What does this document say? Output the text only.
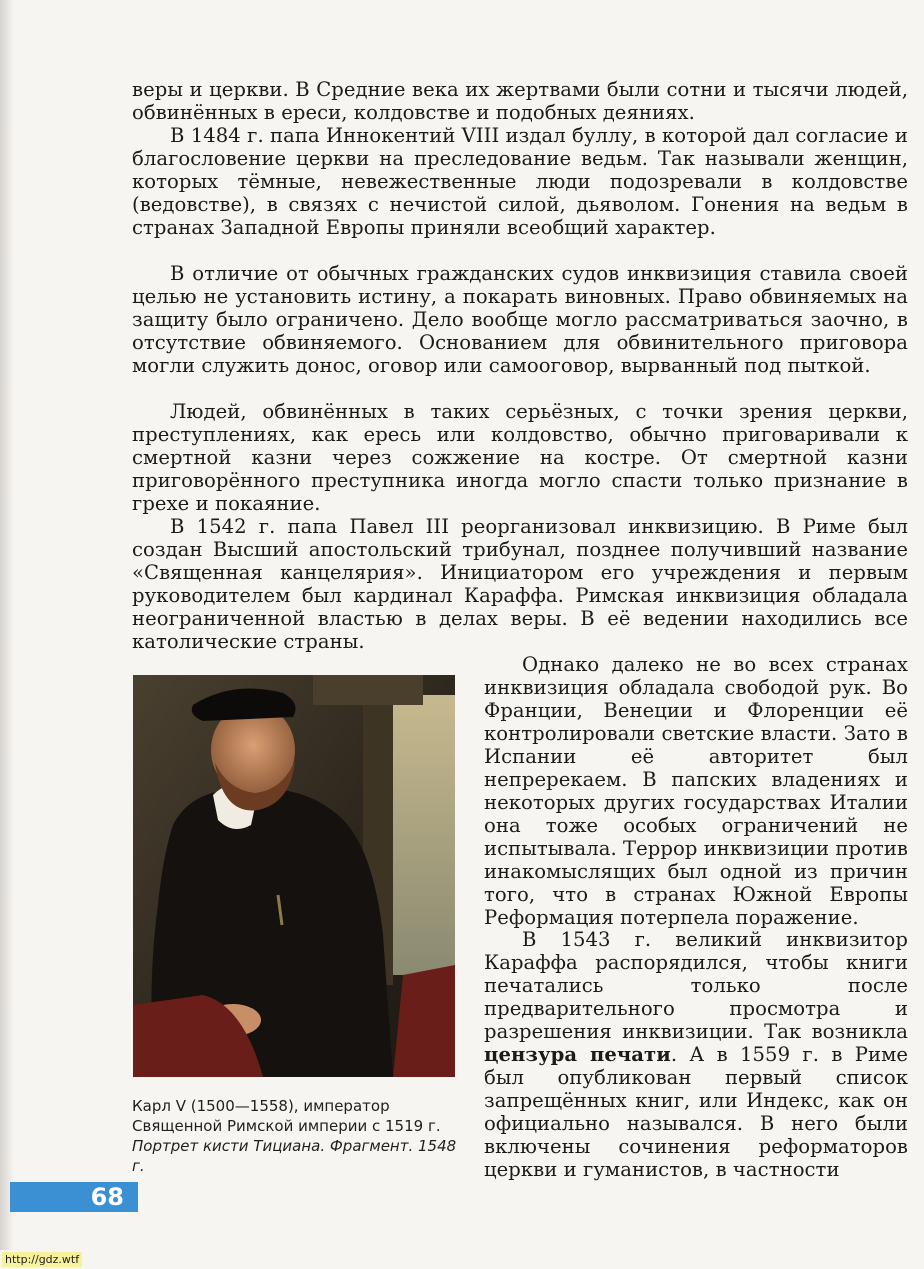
веры и церкви. В Средние века их жертвами были сотни и тысячи людей, обвинённых в ереси, колдовстве и подобных деяниях.

В 1484 г. папа Иннокентий VIII издал буллу, в которой дал согласие и благословение церкви на преследование ведьм. Так называли женщин, которых тёмные, невежественные люди подозревали в колдовстве (ведовстве), в связях с нечистой силой, дьяволом. Гонения на ведьм в странах Западной Европы приняли всеобщий характер.

В отличие от обычных гражданских судов инквизиция ставила своей целью не установить истину, а покарать виновных. Право обвиняемых на защиту было ограничено. Дело вообще могло рассматриваться заочно, в отсутствие обвиняемого. Основанием для обвинительного приговора могли служить донос, оговор или самооговор, вырванный под пыткой.

Людей, обвинённых в таких серьёзных, с точки зрения церкви, преступлениях, как ересь или колдовство, обычно приговаривали к смертной казни через сожжение на костре. От смертной казни приговорённого преступника иногда могло спасти только признание в грехе и покаяние.

В 1542 г. папа Павел III реорганизовал инквизицию. В Риме был создан Высший апостольский трибунал, позднее получивший название «Священная канцелярия». Инициатором его учреждения и первым руководителем был кардинал Караффа. Римская инквизиция обладала неограниченной властью в делах веры. В её ведении находились все католические страны.

Карл V (1500—1558), император Священной Римской империи с 1519 г. Портрет кисти Тициана. Фрагмент. 1548 г.

Однако далеко не во всех странах инквизиция обладала свободой рук. Во Франции, Венеции и Флоренции её контролировали светские власти. Зато в Испании её авторитет был непререкаем. В папских владениях и некоторых других государствах Италии она тоже особых ограничений не испытывала. Террор инквизиции против инакомыслящих был одной из причин того, что в странах Южной Европы Реформация потерпела поражение.

В 1543 г. великий инквизитор Караффа распорядился, чтобы книги печатались только после предварительного просмотра и разрешения инквизиции. Так возникла цензура печати. А в 1559 г. в Риме был опубликован первый список запрещённых книг, или Индекс, как он официально назывался. В него были включены сочинения реформаторов церкви и гуманистов, в частности

68
http://gdz.wtf
